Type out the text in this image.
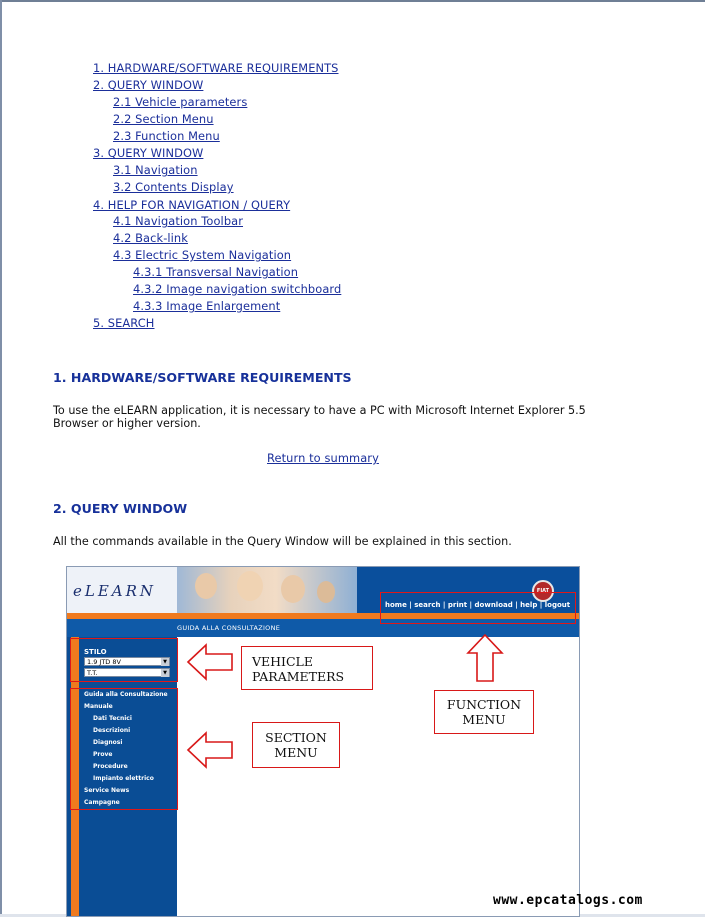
1. HARDWARE/SOFTWARE REQUIREMENTS
2. QUERY WINDOW
2.1 Vehicle parameters
2.2 Section Menu
2.3 Function Menu
3. QUERY WINDOW
3.1 Navigation
3.2 Contents Display
4. HELP FOR NAVIGATION / QUERY
4.1 Navigation Toolbar
4.2 Back-link
4.3 Electric System Navigation
4.3.1 Transversal Navigation
4.3.2 Image navigation switchboard
4.3.3 Image Enlargement
5. SEARCH
1. HARDWARE/SOFTWARE REQUIREMENTS
To use the eLEARN application, it is necessary to have a PC with Microsoft Internet Explorer 5.5 Browser or higher version.
Return to summary
2. QUERY WINDOW
All the commands available in the Query Window will be explained in this section.
eLEARN	FIAT
home | search | print | download | help | logout
GUIDA ALLA CONSULTAZIONE
STILO
1.9 JTD 8V	▼
T.T.	▼
Guida alla Consultazione
Manuale
Dati Tecnici
Descrizioni
Diagnosi
Prove
Procedure
Impianto elettrico
Service News
Campagne
VEHICLE PARAMETERS
FUNCTION MENU
SECTION MENU
www.epcatalogs.com
